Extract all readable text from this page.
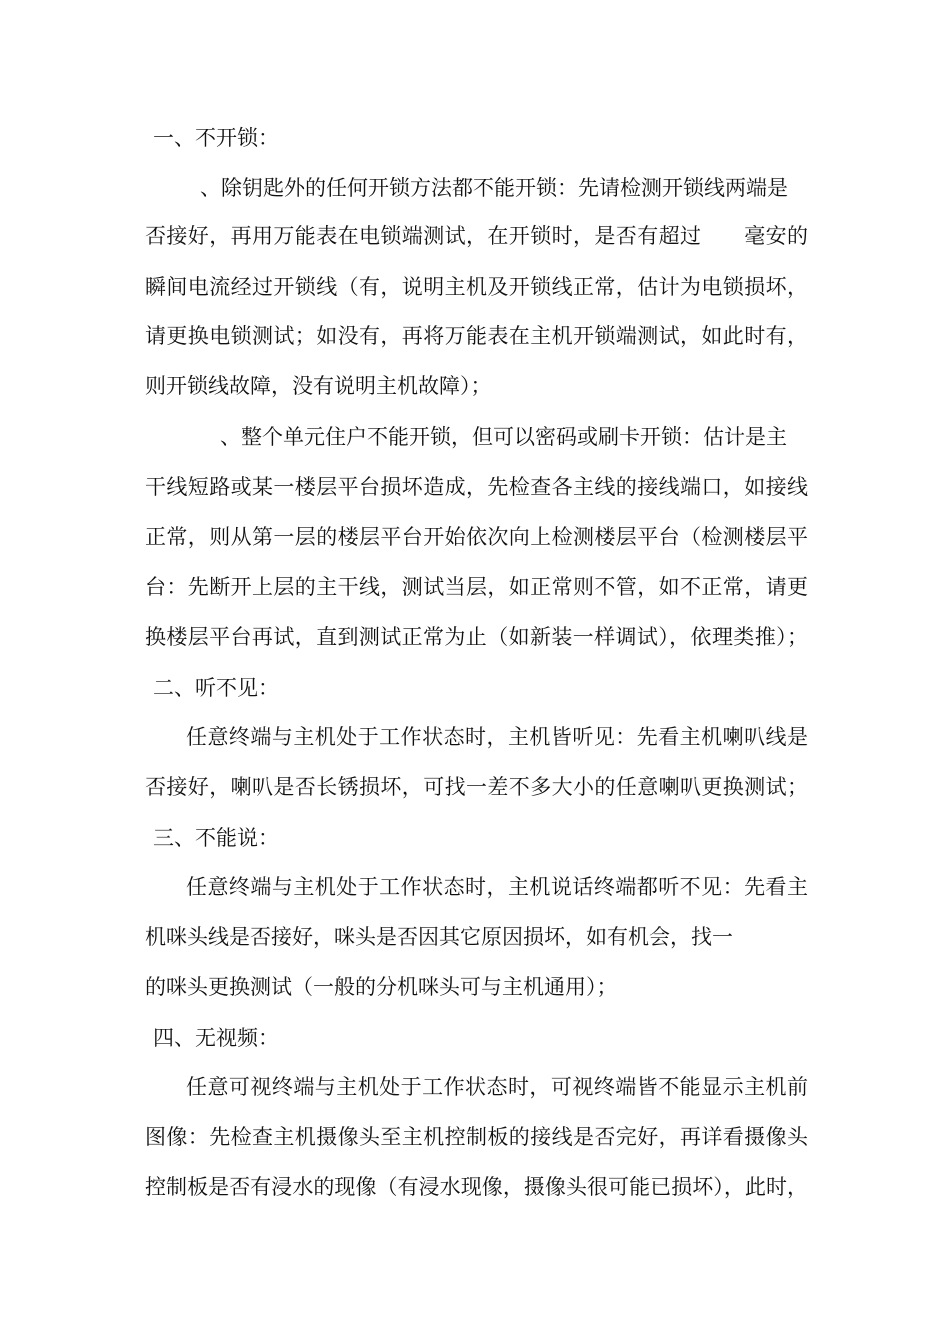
一、不开锁：
、除钥匙外的任何开锁方法都不能开锁：先请检测开锁线两端是
否接好，再用万能表在电锁端测试，在开锁时，是否有超过　　毫安的
瞬间电流经过开锁线（有，说明主机及开锁线正常，估计为电锁损坏，
请更换电锁测试；如没有，再将万能表在主机开锁端测试，如此时有，
则开锁线故障，没有说明主机故障）；
、整个单元住户不能开锁，但可以密码或刷卡开锁：估计是主
干线短路或某一楼层平台损坏造成，先检查各主线的接线端口，如接线
正常，则从第一层的楼层平台开始依次向上检测楼层平台（检测楼层平
台：先断开上层的主干线，测试当层，如正常则不管，如不正常，请更
换楼层平台再试，直到测试正常为止（如新装一样调试），依理类推）；
二、听不见：
任意终端与主机处于工作状态时，主机皆听见：先看主机喇叭线是
否接好，喇叭是否长锈损坏，可找一差不多大小的任意喇叭更换测试；
三、不能说：
任意终端与主机处于工作状态时，主机说话终端都听不见：先看主
机咪头线是否接好，咪头是否因其它原因损坏，如有机会，找一
的咪头更换测试（一般的分机咪头可与主机通用）；
四、无视频：
任意可视终端与主机处于工作状态时，可视终端皆不能显示主机前
图像：先检查主机摄像头至主机控制板的接线是否完好，再详看摄像头
控制板是否有浸水的现像（有浸水现像，摄像头很可能已损坏），此时，
